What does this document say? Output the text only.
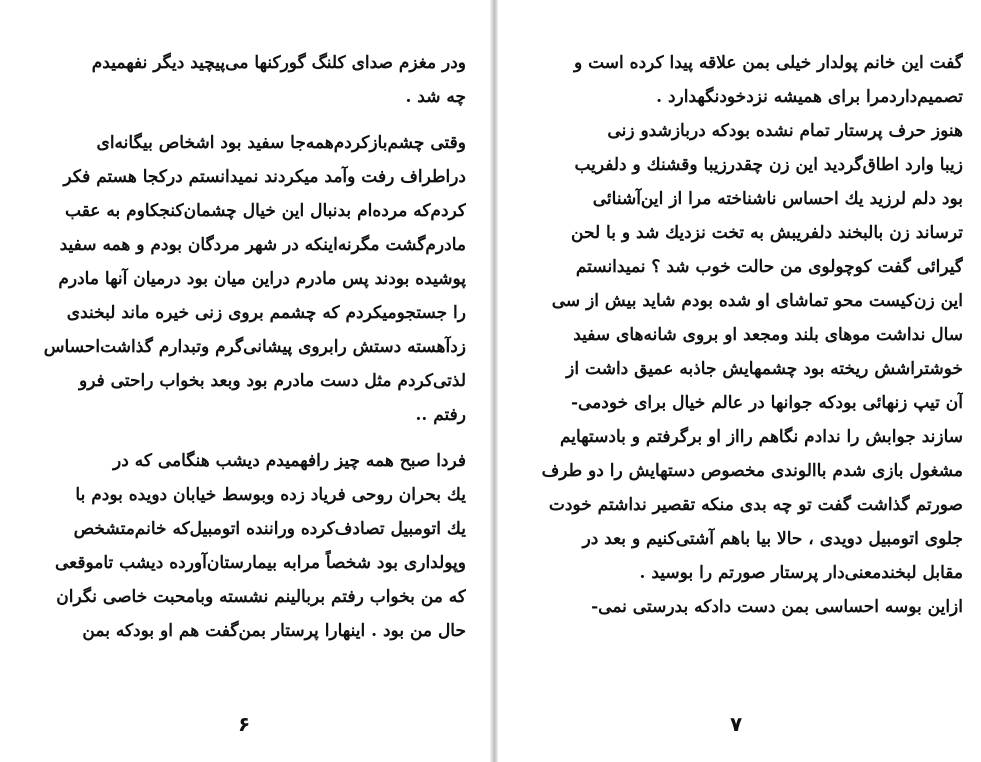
ودر مغزم صدای کلنگ گورکنها می‌پیچید دیگر نفهمیدم
چه شد .
وقتی چشم‌بازکردم‌همه‌جا سفید بود اشخاص بیگانه‌ای
دراطراف رفت وآمد میکردند نمیدانستم درکجا هستم فکر
کردم‌که مرده‌ام بدنبال این خیال چشمان‌کنجکاوم به عقب
مادرم‌گشت مگرنه‌اینکه در شهر مردگان بودم و همه سفید
پوشیده بودند پس مادرم دراین میان بود درمیان آنها مادرم
را جستجومیکردم که چشمم بروی زنی خیره ماند لبخندی
زدآهسته دستش رابروی پیشانی‌گرم وتبدارم گذاشت‌احساس
لذتی‌کردم مثل دست مادرم بود وبعد بخواب راحتی فرو
رفتم ..
فردا صبح همه چیز رافهمیدم دیشب هنگامی که در
یك بحران روحی فریاد زده وبوسط خیابان دویده بودم با
یك اتومبیل تصادف‌کرده وراننده اتومبیل‌که خانم‌متشخص
وپولداری بود شخصاً مرابه بیمارستان‌آورده دیشب تاموقعی
که من بخواب رفتم بربالینم نشسته وبامحبت خاصی نگران
حال من بود . اینهارا پرستار بمن‌گفت هم او بودکه بمن
۶
گفت این خانم پولدار خیلی بمن علاقه پیدا کرده است و
تصمیم‌داردمرا برای همیشه نزدخودنگهدارد .
هنوز حرف پرستار تمام نشده بودکه دربازشدو زنی
زیبا وارد اطاق‌گردید این زن چقدرزیبا وقشنك و دلفریب
بود دلم لرزید یك احساس ناشناخته مرا از این‌آشنائی
ترساند زن بالبخند دلفریبش به تخت نزدیك شد و با لحن
گیرائی گفت کوچولوی من حالت خوب شد ؟ نمیدانستم
این زن‌کیست محو تماشای او شده بودم شاید بیش از سی
سال نداشت موهای بلند ومجعد او بروی شانه‌های سفید
خوشتراشش ریخته بود چشمهایش جاذبه عمیق داشت از
آن تیپ زنهائی بودکه جوانها در عالم خیال برای خودمی-
سازند جوابش را ندادم نگاهم رااز او برگرفتم و بادستهایم
مشغول بازی شدم باالوندی مخصوص دستهایش را دو طرف
صورتم گذاشت گفت تو چه بدی منکه تقصیر نداشتم خودت
جلوی اتومبیل دویدی ، حالا بیا باهم آشتی‌کنیم و بعد در
مقابل لبخندمعنی‌دار پرستار صورتم را بوسید .
ازاین بوسه احساسی بمن دست دادکه بدرستی نمی-
۷
